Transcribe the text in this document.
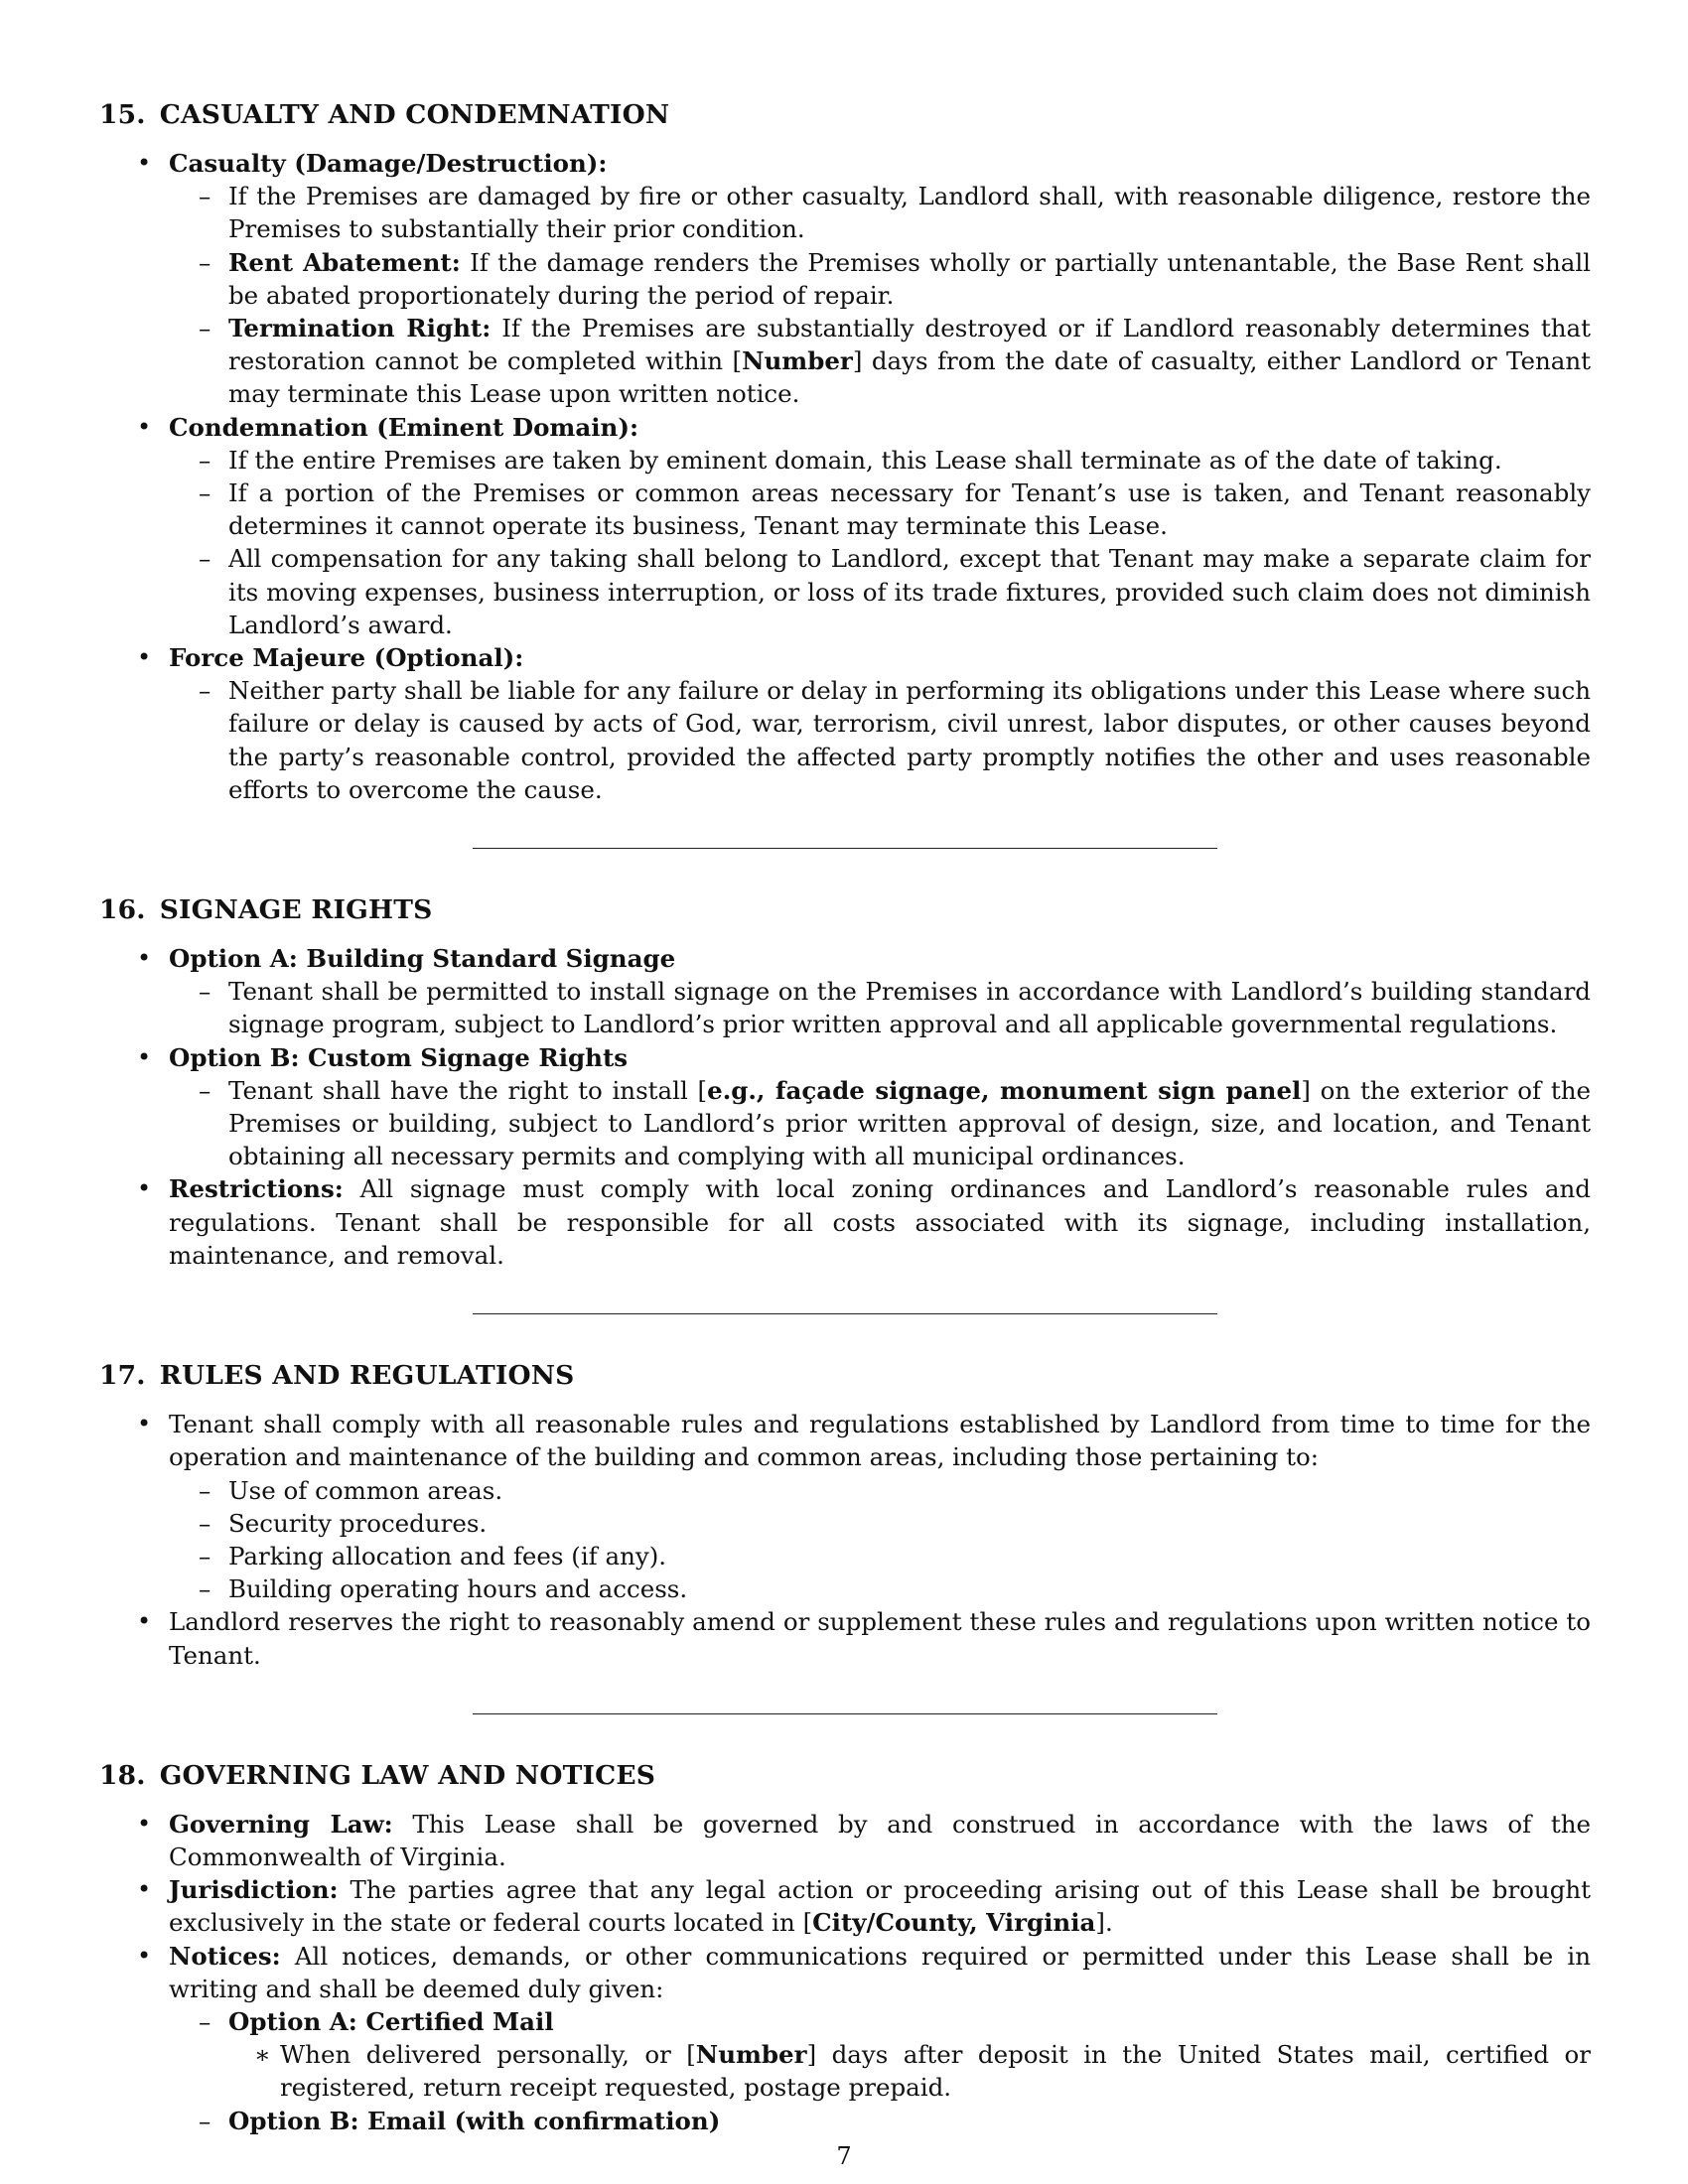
15. CASUALTY AND CONDEMNATION
• Casualty (Damage/Destruction):
– If the Premises are damaged by fire or other casualty, Landlord shall, with reasonable diligence, restore the Premises to substantially their prior condition.
– Rent Abatement: If the damage renders the Premises wholly or partially untenantable, the Base Rent shall be abated proportionately during the period of repair.
– Termination Right: If the Premises are substantially destroyed or if Landlord reasonably determines that restoration cannot be completed within [Number] days from the date of casualty, either Landlord or Tenant may terminate this Lease upon written notice.
• Condemnation (Eminent Domain):
– If the entire Premises are taken by eminent domain, this Lease shall terminate as of the date of taking.
– If a portion of the Premises or common areas necessary for Tenant’s use is taken, and Tenant reasonably determines it cannot operate its business, Tenant may terminate this Lease.
– All compensation for any taking shall belong to Landlord, except that Tenant may make a separate claim for its moving expenses, business interruption, or loss of its trade fixtures, provided such claim does not diminish Landlord’s award.
• Force Majeure (Optional):
– Neither party shall be liable for any failure or delay in performing its obligations under this Lease where such failure or delay is caused by acts of God, war, terrorism, civil unrest, labor disputes, or other causes beyond the party’s reasonable control, provided the affected party promptly notifies the other and uses reasonable efforts to overcome the cause.
16. SIGNAGE RIGHTS
• Option A: Building Standard Signage
– Tenant shall be permitted to install signage on the Premises in accordance with Landlord’s building standard signage program, subject to Landlord’s prior written approval and all applicable governmental regulations.
• Option B: Custom Signage Rights
– Tenant shall have the right to install [e.g., façade signage, monument sign panel] on the exterior of the Premises or building, subject to Landlord’s prior written approval of design, size, and location, and Tenant obtaining all necessary permits and complying with all municipal ordinances.
• Restrictions: All signage must comply with local zoning ordinances and Landlord’s reasonable rules and regulations. Tenant shall be responsible for all costs associated with its signage, including installation, maintenance, and removal.
17. RULES AND REGULATIONS
• Tenant shall comply with all reasonable rules and regulations established by Landlord from time to time for the operation and maintenance of the building and common areas, including those pertaining to:
– Use of common areas.
– Security procedures.
– Parking allocation and fees (if any).
– Building operating hours and access.
• Landlord reserves the right to reasonably amend or supplement these rules and regulations upon written notice to Tenant.
18. GOVERNING LAW AND NOTICES
• Governing Law: This Lease shall be governed by and construed in accordance with the laws of the Commonwealth of Virginia.
• Jurisdiction: The parties agree that any legal action or proceeding arising out of this Lease shall be brought exclusively in the state or federal courts located in [City/County, Virginia].
• Notices: All notices, demands, or other communications required or permitted under this Lease shall be in writing and shall be deemed duly given:
– Option A: Certified Mail
∗ When delivered personally, or [Number] days after deposit in the United States mail, certified or registered, return receipt requested, postage prepaid.
– Option B: Email (with confirmation)
7
